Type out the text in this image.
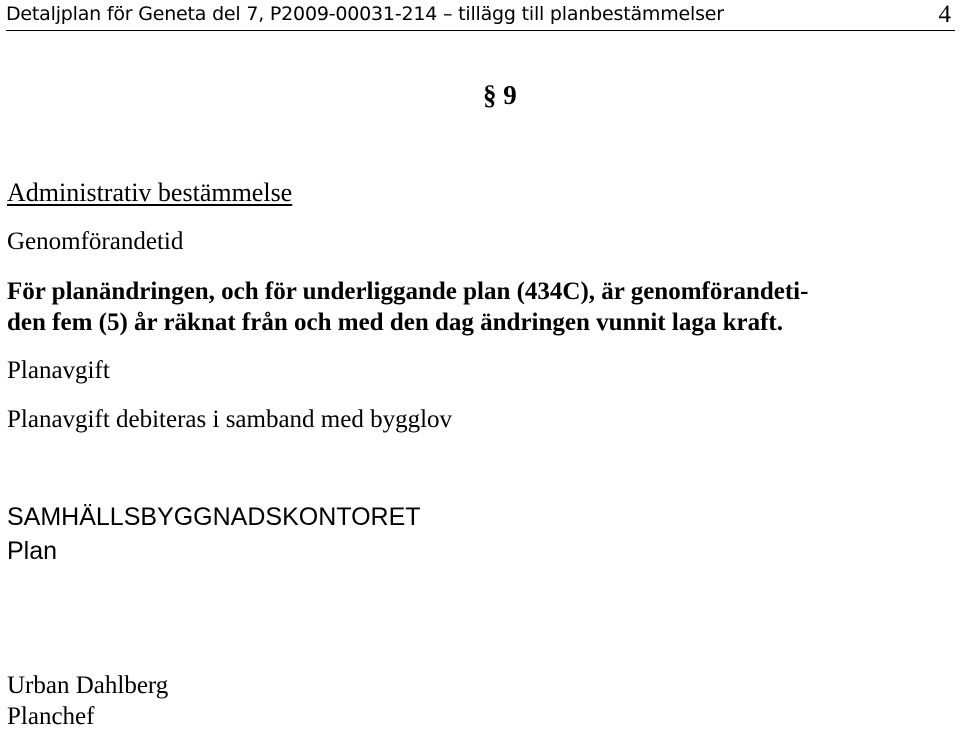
Detaljplan för Geneta del 7, P2009-00031-214 – tillägg till planbestämmelser	4
§ 9
Administrativ bestämmelse
Genomförandetid
För planändringen, och för underliggande plan (434C), är genomförandeti-
den fem (5) år räknat från och med den dag ändringen vunnit laga kraft.
Planavgift
Planavgift debiteras i samband med bygglov
SAMHÄLLSBYGGNADSKONTORET
Plan
Urban Dahlberg
Planchef
